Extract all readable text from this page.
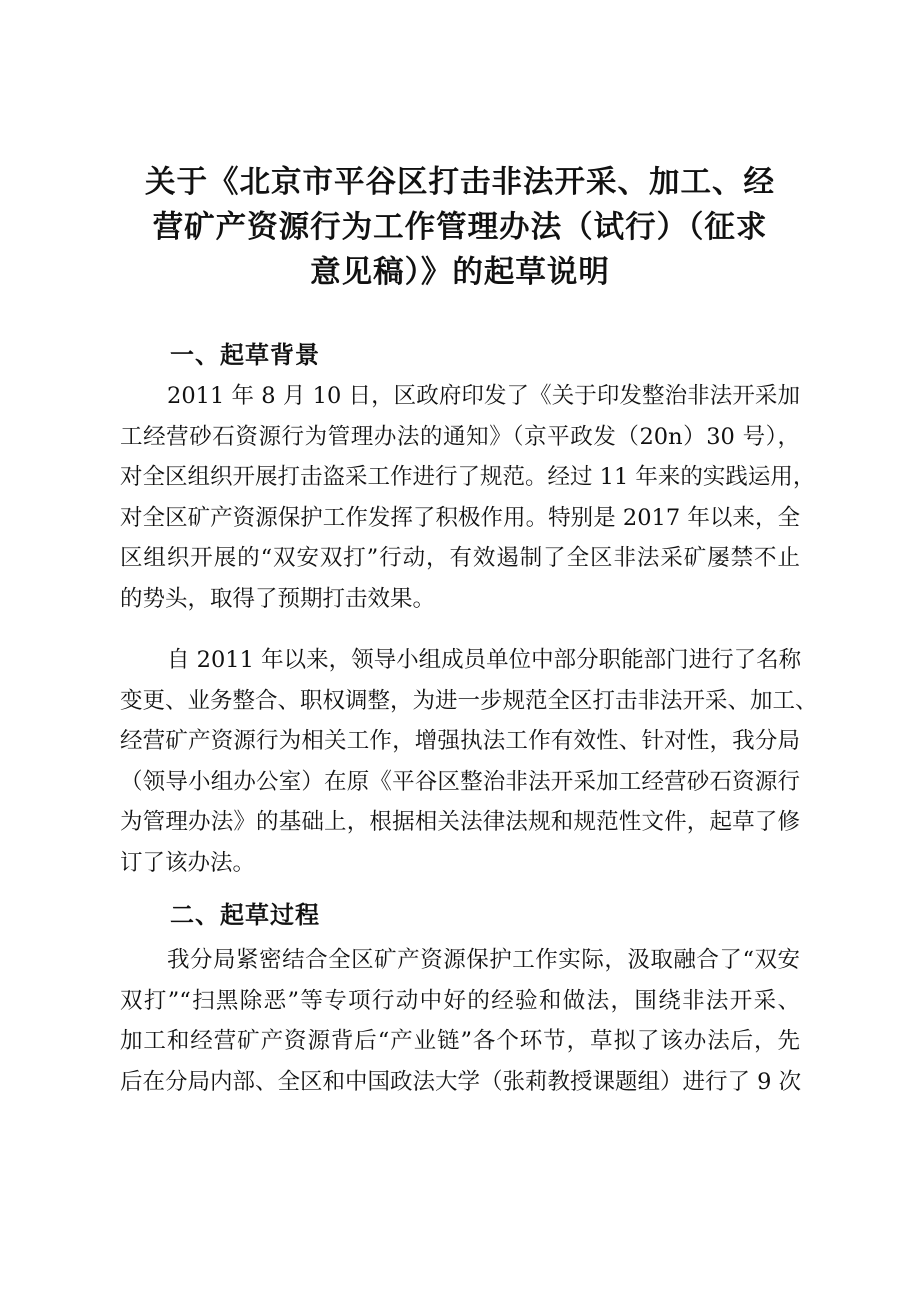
关于《北京市平谷区打击非法开采、加工、经
营矿产资源行为工作管理办法（试行）（征求
意见稿）》的起草说明
一、起草背景

2011 年 8 月 10 日，区政府印发了《关于印发整治非法开采加
工经营砂石资源行为管理办法的通知》（京平政发（20n）30 号），
对全区组织开展打击盗采工作进行了规范。经过 11 年来的实践运用，
对全区矿产资源保护工作发挥了积极作用。特别是 2017 年以来，全
区组织开展的“双安双打”行动，有效遏制了全区非法采矿屡禁不止
的势头，取得了预期打击效果。

自 2011 年以来，领导小组成员单位中部分职能部门进行了名称
变更、业务整合、职权调整，为进一步规范全区打击非法开采、加工、
经营矿产资源行为相关工作，增强执法工作有效性、针对性，我分局
（领导小组办公室）在原《平谷区整治非法开采加工经营砂石资源行
为管理办法》的基础上，根据相关法律法规和规范性文件，起草了修
订了该办法。

二、起草过程

我分局紧密结合全区矿产资源保护工作实际，汲取融合了“双安
双打”“扫黑除恶”等专项行动中好的经验和做法，围绕非法开采、
加工和经营矿产资源背后“产业链”各个环节，草拟了该办法后，先
后在分局内部、全区和中国政法大学（张莉教授课题组）进行了 9 次
